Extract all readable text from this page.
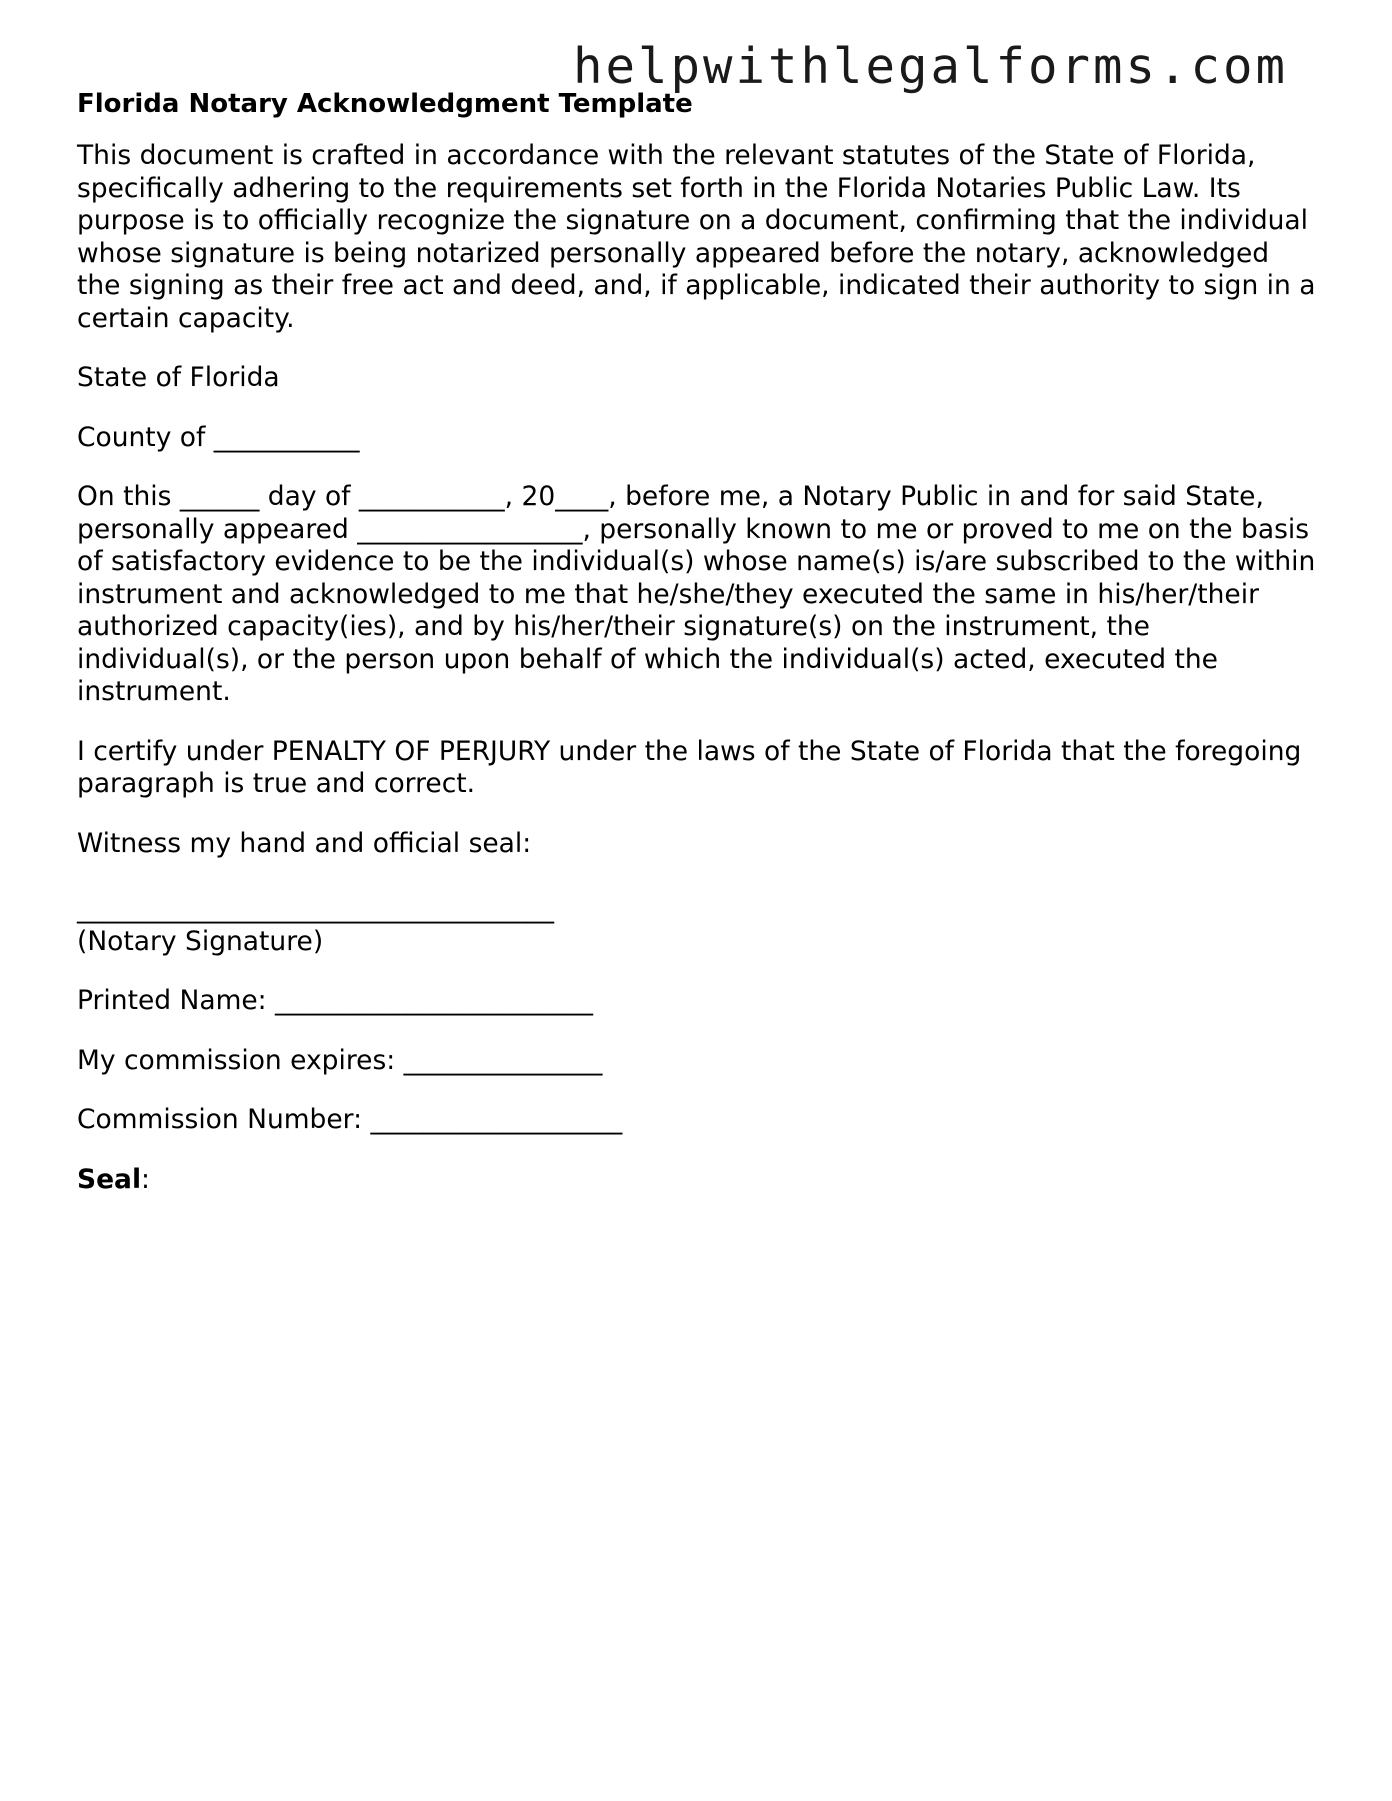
helpwithlegalforms.com
Florida Notary Acknowledgment Template
This document is crafted in accordance with the relevant statutes of the State of Florida, specifically adhering to the requirements set forth in the Florida Notaries Public Law. Its purpose is to officially recognize the signature on a document, confirming that the individual whose signature is being notarized personally appeared before the notary, acknowledged the signing as their free act and deed, and, if applicable, indicated their authority to sign in a certain capacity.
State of Florida
County of ___________
On this ______ day of ___________, 20____, before me, a Notary Public in and for said State, personally appeared _________________, personally known to me or proved to me on the basis of satisfactory evidence to be the individual(s) whose name(s) is/are subscribed to the within instrument and acknowledged to me that he/she/they executed the same in his/her/their authorized capacity(ies), and by his/her/their signature(s) on the instrument, the individual(s), or the person upon behalf of which the individual(s) acted, executed the instrument.
I certify under PENALTY OF PERJURY under the laws of the State of Florida that the foregoing paragraph is true and correct.
Witness my hand and official seal:
____________________________________
(Notary Signature)
Printed Name: ________________________
My commission expires: _______________
Commission Number: ___________________
Seal:
